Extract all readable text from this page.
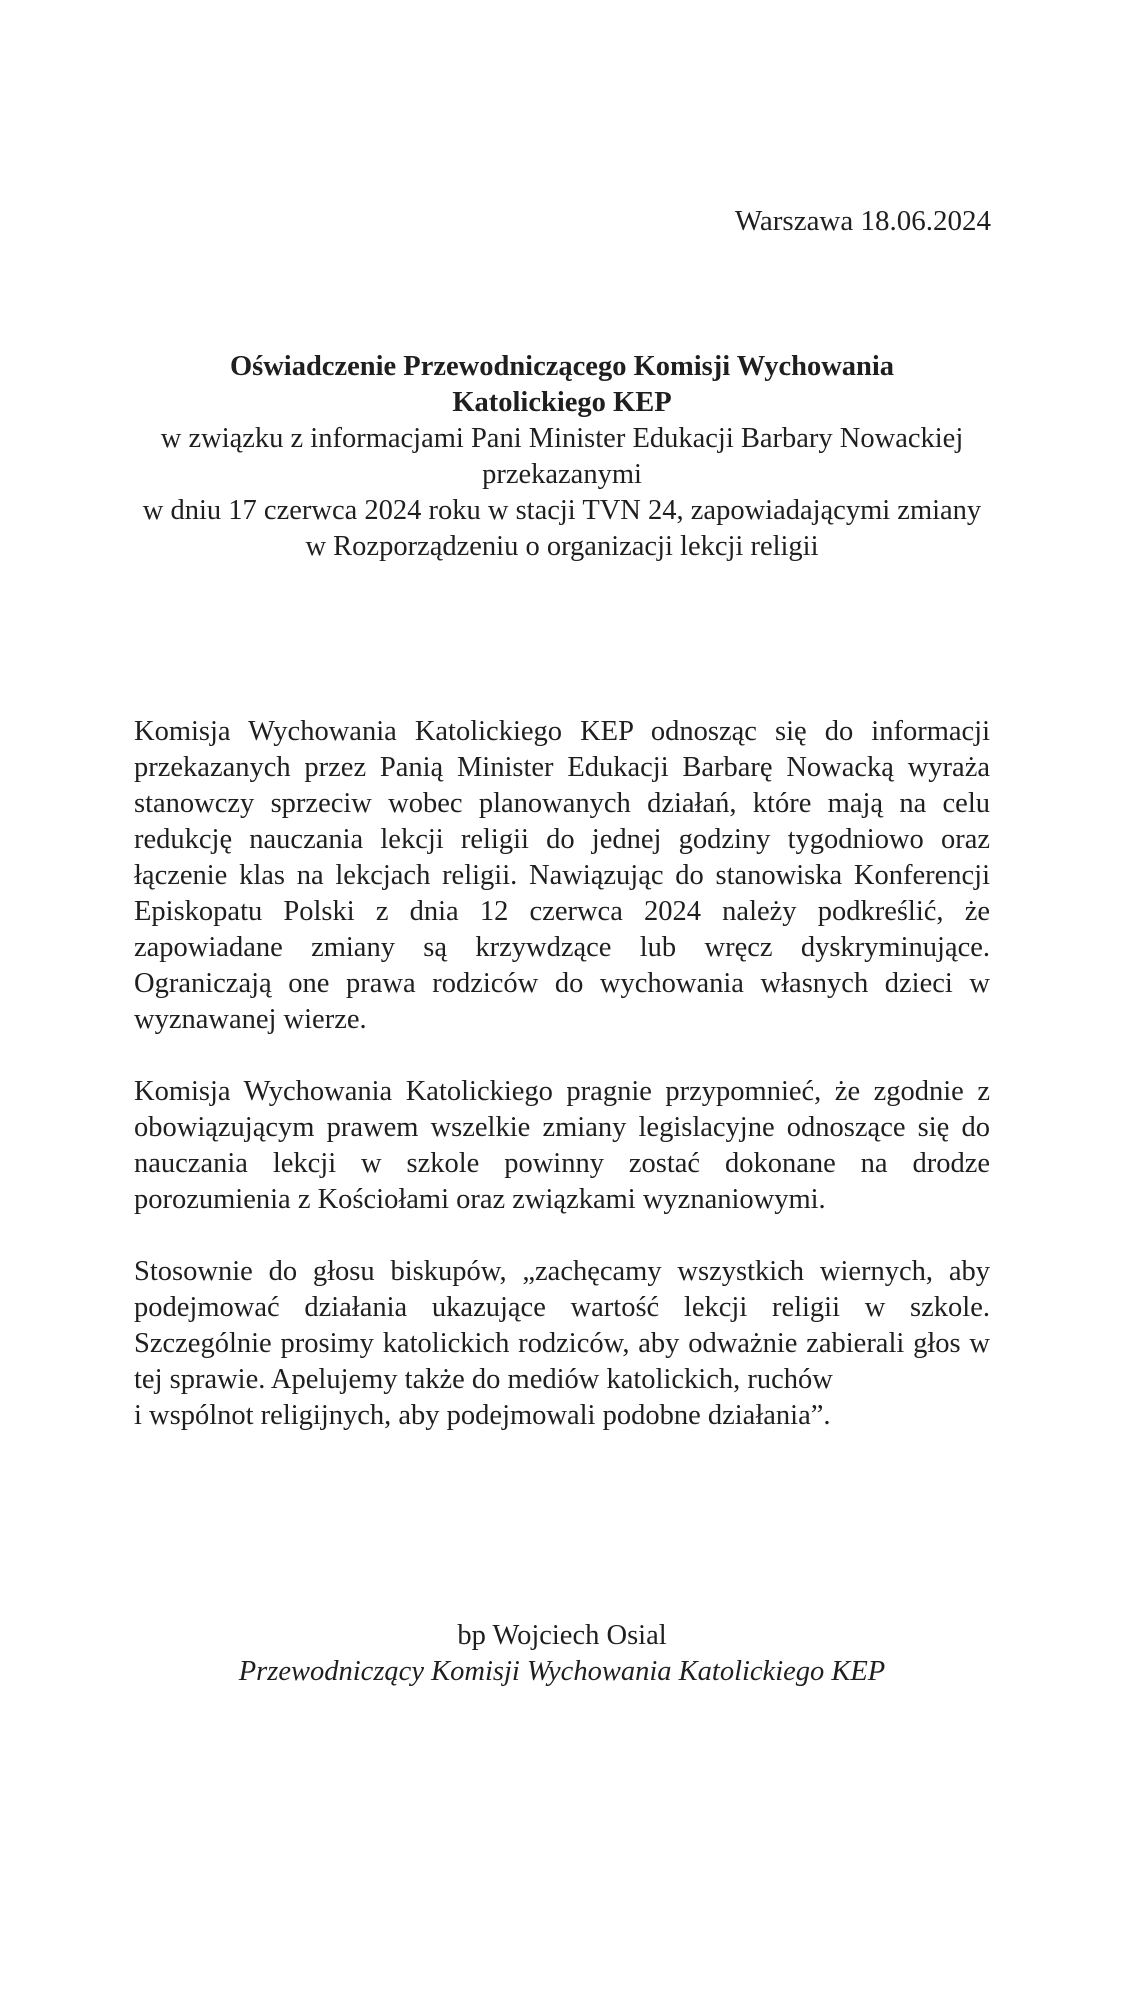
Warszawa 18.06.2024

Oświadczenie Przewodniczącego Komisji Wychowania Katolickiego KEP
w związku z informacjami Pani Minister Edukacji Barbary Nowackiej przekazanymi
w dniu 17 czerwca 2024 roku w stacji TVN 24, zapowiadającymi zmiany
w Rozporządzeniu o organizacji lekcji religii

Komisja Wychowania Katolickiego KEP odnosząc się do informacji przekazanych przez Panią Minister Edukacji Barbarę Nowacką wyraża stanowczy sprzeciw wobec planowanych działań, które mają na celu redukcję nauczania lekcji religii do jednej godziny tygodniowo oraz łączenie klas na lekcjach religii. Nawiązując do stanowiska Konferencji Episkopatu Polski z dnia 12 czerwca 2024 należy podkreślić, że zapowiadane zmiany są krzywdzące lub wręcz dyskryminujące. Ograniczają one prawa rodziców do wychowania własnych dzieci w wyznawanej wierze.

Komisja Wychowania Katolickiego pragnie przypomnieć, że zgodnie z obowiązującym prawem wszelkie zmiany legislacyjne odnoszące się do nauczania lekcji w szkole powinny zostać dokonane na drodze porozumienia z Kościołami oraz związkami wyznaniowymi.

Stosownie do głosu biskupów, „zachęcamy wszystkich wiernych, aby podejmować działania ukazujące wartość lekcji religii w szkole. Szczególnie prosimy katolickich rodziców, aby odważnie zabierali głos w tej sprawie. Apelujemy także do mediów katolickich, ruchów
i wspólnot religijnych, aby podejmowali podobne działania”.

bp Wojciech Osial
Przewodniczący Komisji Wychowania Katolickiego KEP
